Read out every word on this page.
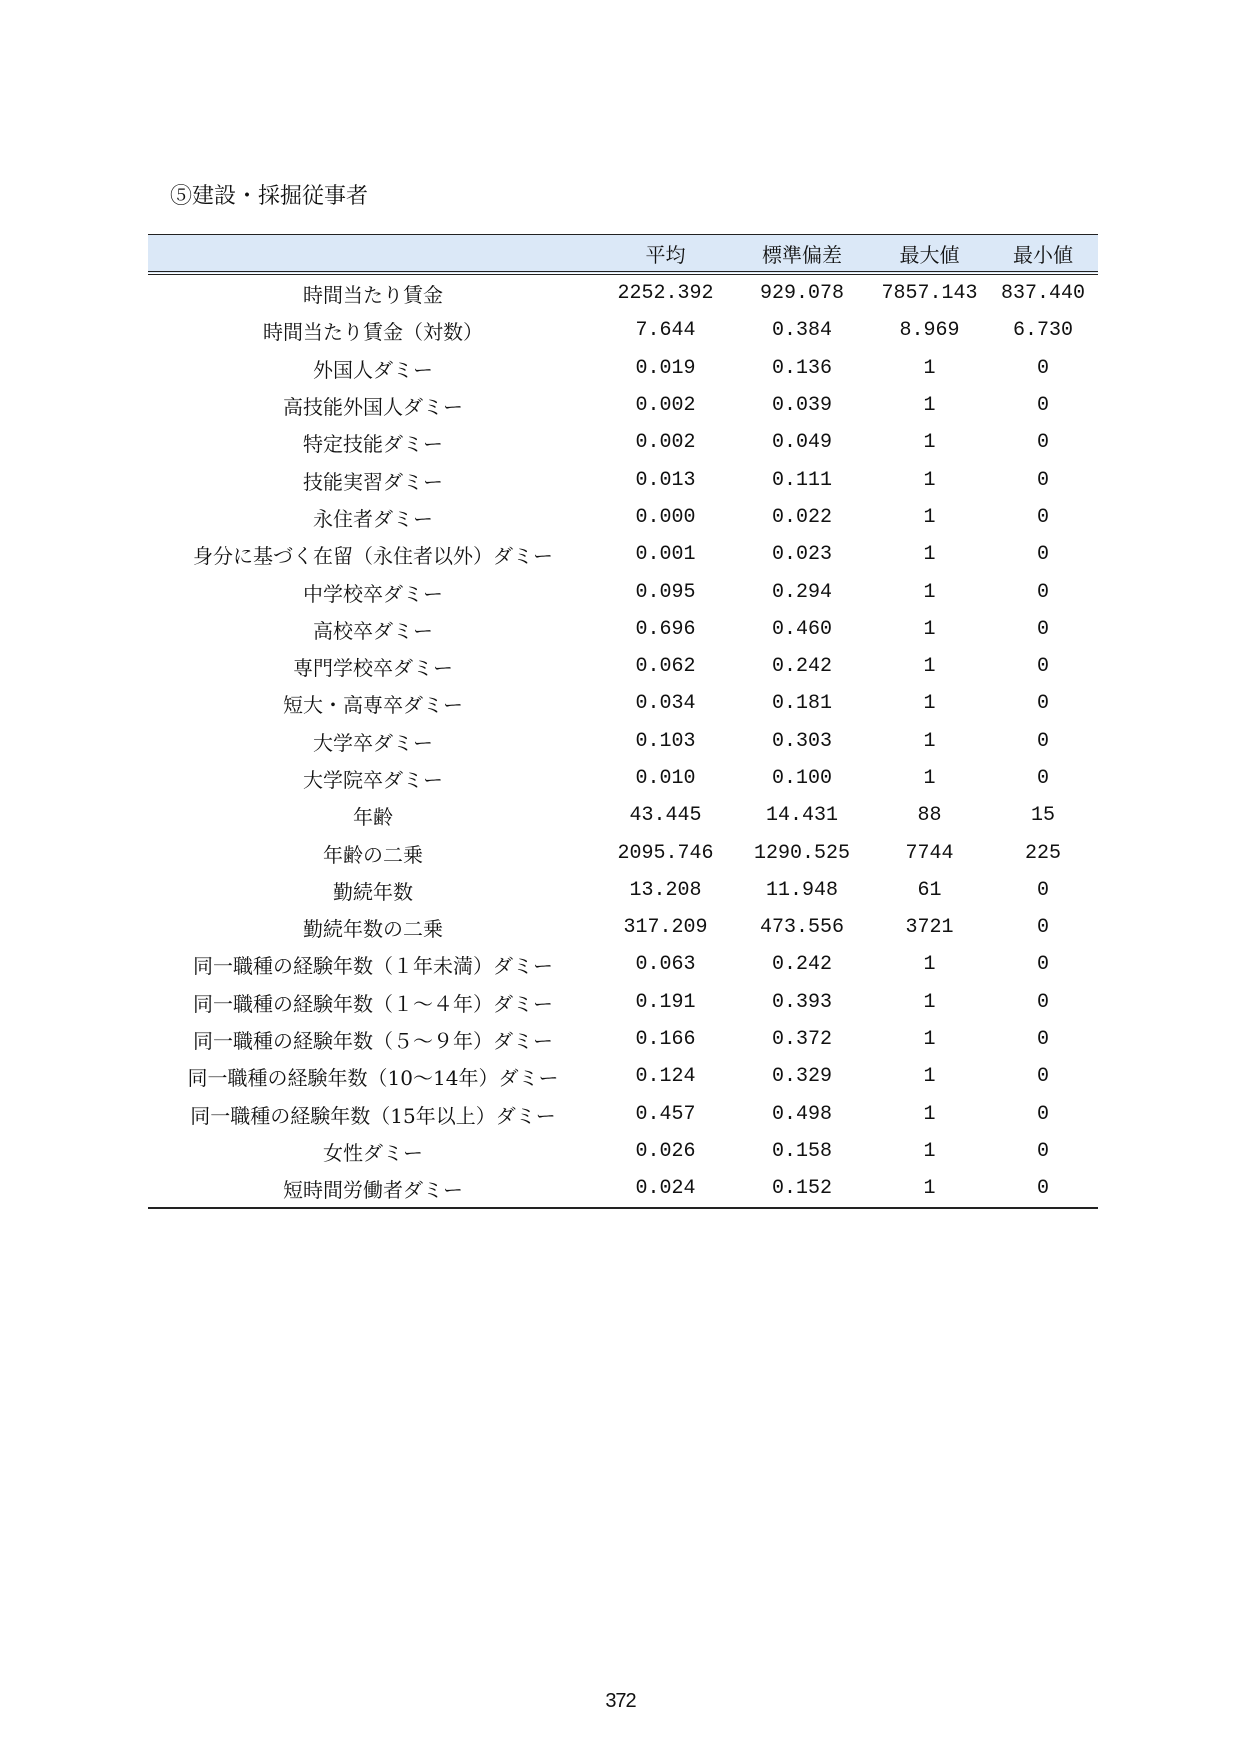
⑤建設・採掘従事者
	平均	標準偏差	最大値	最小値
時間当たり賃金	2252.392	929.078	7857.143	837.440
時間当たり賃金（対数）	7.644	0.384	8.969	6.730
外国人ダミー	0.019	0.136	1	0
高技能外国人ダミー	0.002	0.039	1	0
特定技能ダミー	0.002	0.049	1	0
技能実習ダミー	0.013	0.111	1	0
永住者ダミー	0.000	0.022	1	0
身分に基づく在留（永住者以外）ダミー	0.001	0.023	1	0
中学校卒ダミー	0.095	0.294	1	0
高校卒ダミー	0.696	0.460	1	0
専門学校卒ダミー	0.062	0.242	1	0
短大・高専卒ダミー	0.034	0.181	1	0
大学卒ダミー	0.103	0.303	1	0
大学院卒ダミー	0.010	0.100	1	0
年齢	43.445	14.431	88	15
年齢の二乗	2095.746	1290.525	7744	225
勤続年数	13.208	11.948	61	0
勤続年数の二乗	317.209	473.556	3721	0
同一職種の経験年数（１年未満）ダミー	0.063	0.242	1	0
同一職種の経験年数（１～４年）ダミー	0.191	0.393	1	0
同一職種の経験年数（５～９年）ダミー	0.166	0.372	1	0
同一職種の経験年数（10～14年）ダミー	0.124	0.329	1	0
同一職種の経験年数（15年以上）ダミー	0.457	0.498	1	0
女性ダミー	0.026	0.158	1	0
短時間労働者ダミー	0.024	0.152	1	0
372
